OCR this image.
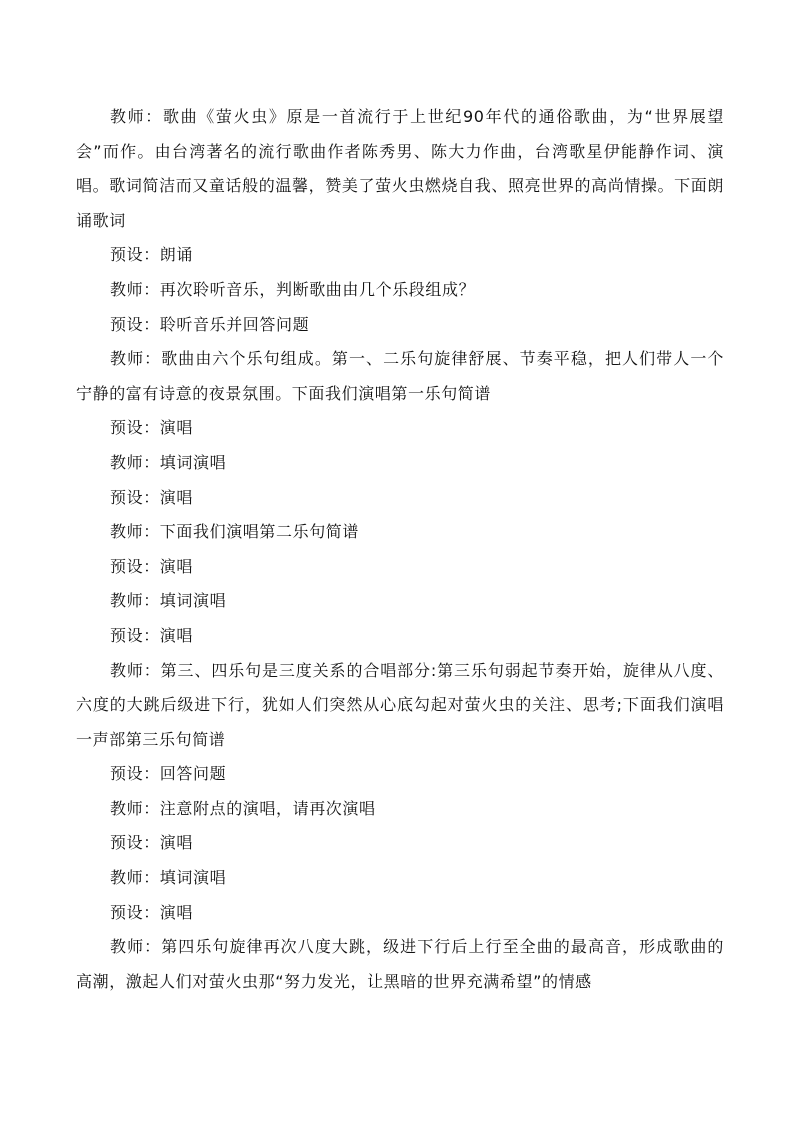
教师：歌曲《萤火虫》原是一首流行于上世纪90年代的通俗歌曲，为“世界展望会”而作。由台湾著名的流行歌曲作者陈秀男、陈大力作曲，台湾歌星伊能静作词、演唱。歌词简洁而又童话般的温馨，赞美了萤火虫燃烧自我、照亮世界的高尚情操。下面朗诵歌词

预设：朗诵

教师：再次聆听音乐，判断歌曲由几个乐段组成？

预设：聆听音乐并回答问题

教师：歌曲由六个乐句组成。第一、二乐句旋律舒展、节奏平稳，把人们带人一个宁静的富有诗意的夜景氛围。下面我们演唱第一乐句简谱

预设：演唱

教师：填词演唱

预设：演唱

教师：下面我们演唱第二乐句简谱

预设：演唱

教师：填词演唱

预设：演唱

教师：第三、四乐句是三度关系的合唱部分:第三乐句弱起节奏开始，旋律从八度、六度的大跳后级进下行，犹如人们突然从心底勾起对萤火虫的关注、思考;下面我们演唱一声部第三乐句简谱

预设：回答问题

教师：注意附点的演唱，请再次演唱

预设：演唱

教师：填词演唱

预设：演唱

教师：第四乐句旋律再次八度大跳，级进下行后上行至全曲的最高音，形成歌曲的高潮，激起人们对萤火虫那“努力发光，让黑暗的世界充满希望”的情感
